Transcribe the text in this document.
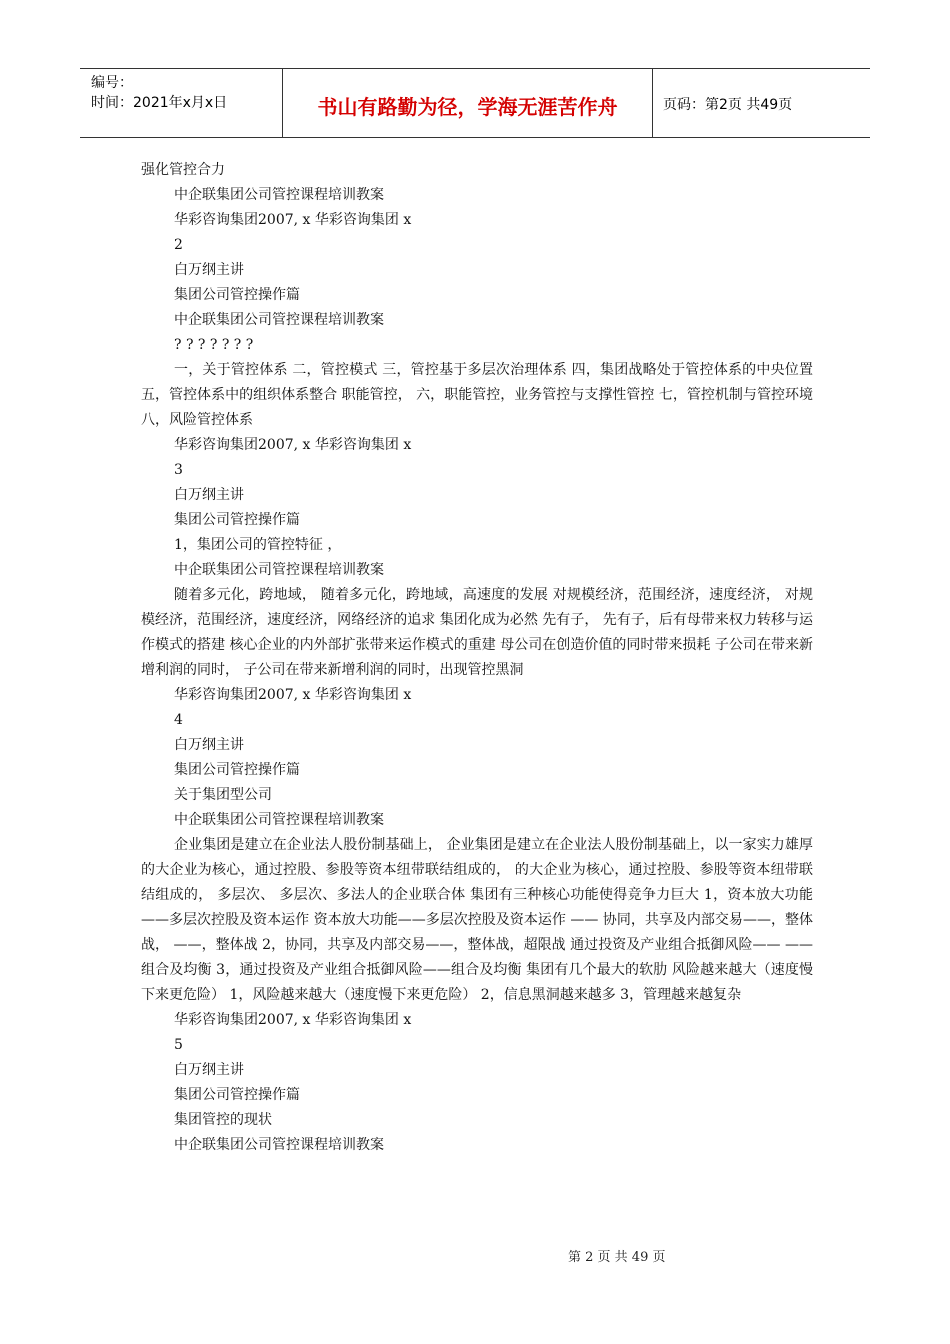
编号：
时间：2021年x月x日	书山有路勤为径，学海无涯苦作舟	页码：第2页 共49页

强化管控合力

中企联集团公司管控课程培训教案

华彩咨询集团2007, x 华彩咨询集团 x

2

白万纲主讲

集团公司管控操作篇

中企联集团公司管控课程培训教案

? ? ? ? ? ? ?

一，关于管控体系 二，管控模式 三，管控基于多层次治理体系 四，集团战略处于管控体系的中央位置 五，管控体系中的组织体系整合 职能管控， 六，职能管控，业务管控与支撑性管控 七，管控机制与管控环境 八，风险管控体系

华彩咨询集团2007, x 华彩咨询集团 x

3

白万纲主讲

集团公司管控操作篇

1，集团公司的管控特征 ，

中企联集团公司管控课程培训教案

随着多元化，跨地域， 随着多元化，跨地域，高速度的发展 对规模经济，范围经济，速度经济， 对规模经济，范围经济，速度经济，网络经济的追求 集团化成为必然 先有子， 先有子，后有母带来权力转移与运作模式的搭建 核心企业的内外部扩张带来运作模式的重建 母公司在创造价值的同时带来损耗 子公司在带来新增利润的同时， 子公司在带来新增利润的同时，出现管控黑洞

华彩咨询集团2007, x 华彩咨询集团 x

4

白万纲主讲

集团公司管控操作篇

关于集团型公司

中企联集团公司管控课程培训教案

企业集团是建立在企业法人股份制基础上， 企业集团是建立在企业法人股份制基础上，以一家实力雄厚 的大企业为核心，通过控股、参股等资本纽带联结组成的， 的大企业为核心，通过控股、参股等资本纽带联结组成的， 多层次、 多层次、多法人的企业联合体 集团有三种核心功能使得竞争力巨大 1，资本放大功能——多层次控股及资本运作 资本放大功能——多层次控股及资本运作 —— 协同，共享及内部交易——，整体战， ——，整体战 2，协同，共享及内部交易——，整体战，超限战 通过投资及产业组合抵御风险—— ——组合及均衡 3，通过投资及产业组合抵御风险——组合及均衡 集团有几个最大的软肋 风险越来越大（速度慢下来更危险） 1，风险越来越大（速度慢下来更危险） 2，信息黑洞越来越多 3，管理越来越复杂

华彩咨询集团2007, x 华彩咨询集团 x

5

白万纲主讲

集团公司管控操作篇

集团管控的现状

中企联集团公司管控课程培训教案

第 2 页 共 49 页
